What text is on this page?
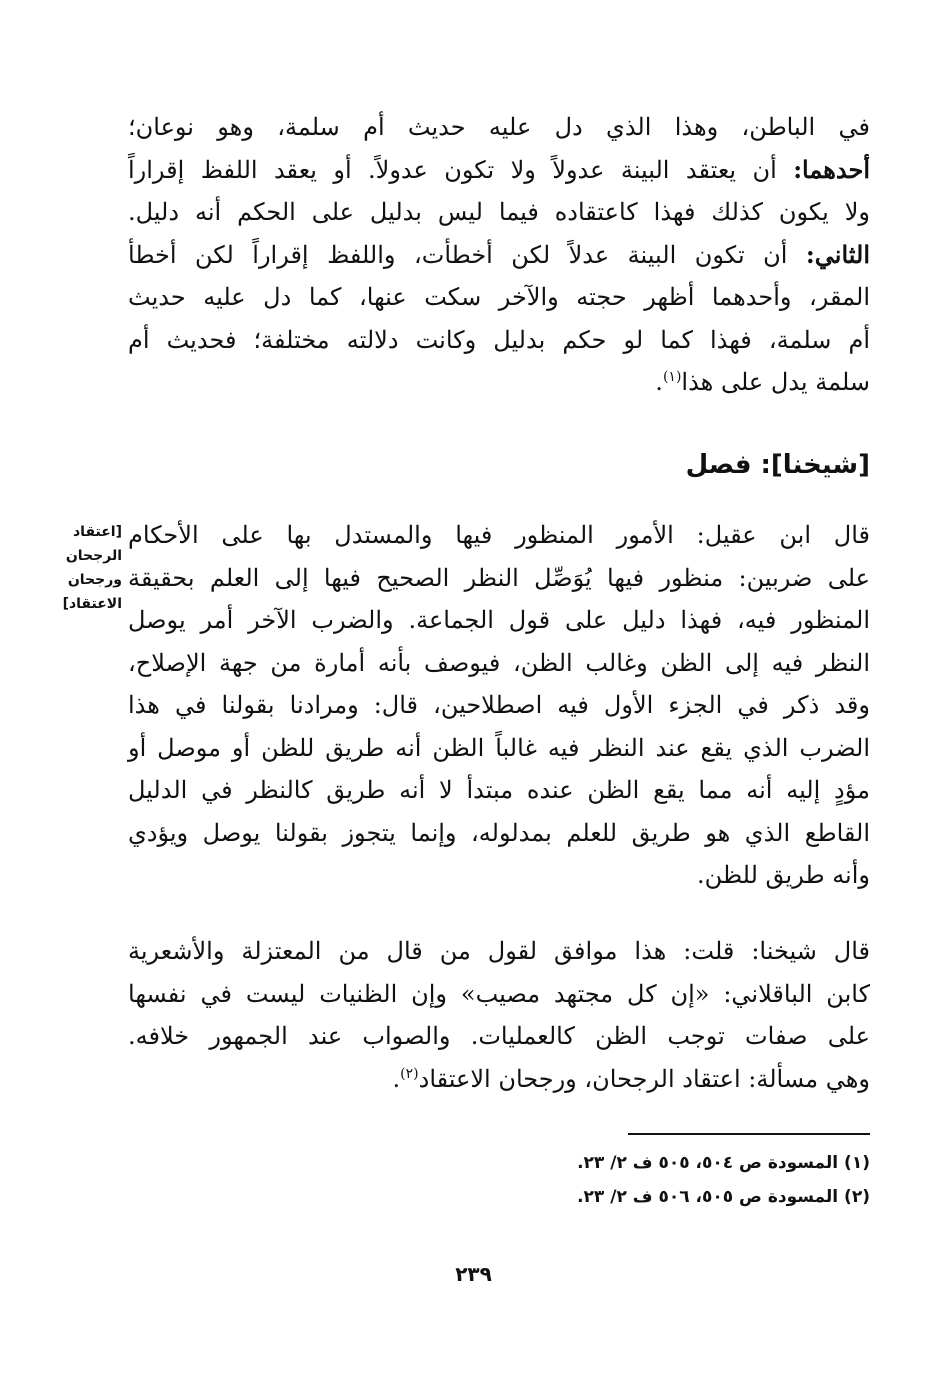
في الباطن، وهذا الذي دل عليه حديث أم سلمة، وهو نوعان؛
أحدهما: أن يعتقد البينة عدولاً ولا تكون عدولاً. أو يعقد اللفظ إقراراً
ولا يكون كذلك فهذا كاعتقاده فيما ليس بدليل على الحكم أنه دليل.
الثاني: أن تكون البينة عدلاً لكن أخطأت، واللفظ إقراراً لكن أخطأ
المقر، وأحدهما أظهر حجته والآخر سكت عنها، كما دل عليه حديث
أم سلمة، فهذا كما لو حكم بدليل وكانت دلالته مختلفة؛ فحديث أم
سلمة يدل على هذا$^{(١)}$.
[شيخنا]: فصل
[اعتقاد
الرجحان
ورجحان
الاعتقاد]
قال ابن عقيل: الأمور المنظور فيها والمستدل بها على الأحكام
على ضربين: منظور فيها يُوَصِّل النظر الصحيح فيها إلى العلم بحقيقة
المنظور فيه، فهذا دليل على قول الجماعة. والضرب الآخر أمر يوصل
النظر فيه إلى الظن وغالب الظن، فيوصف بأنه أمارة من جهة الإصلاح،
وقد ذكر في الجزء الأول فيه اصطلاحين، قال: ومرادنا بقولنا في هذا
الضرب الذي يقع عند النظر فيه غالباً الظن أنه طريق للظن أو موصل أو
مؤدٍ إليه أنه مما يقع الظن عنده مبتدأ لا أنه طريق كالنظر في الدليل
القاطع الذي هو طريق للعلم بمدلوله، وإنما يتجوز بقولنا يوصل ويؤدي
وأنه طريق للظن.
قال شيخنا: قلت: هذا موافق لقول من قال من المعتزلة والأشعرية
كابن الباقلاني: «إن كل مجتهد مصيب» وإن الظنيات ليست في نفسها
على صفات توجب الظن كالعمليات. والصواب عند الجمهور خلافه.
وهي مسألة: اعتقاد الرجحان، ورجحان الاعتقاد$^{(٢)}$.
(١) المسودة ص ٥٠٤، ٥٠٥ ف ٢/ ٢٣.
(٢) المسودة ص ٥٠٥، ٥٠٦ ف ٢/ ٢٣.
٢٣٩
